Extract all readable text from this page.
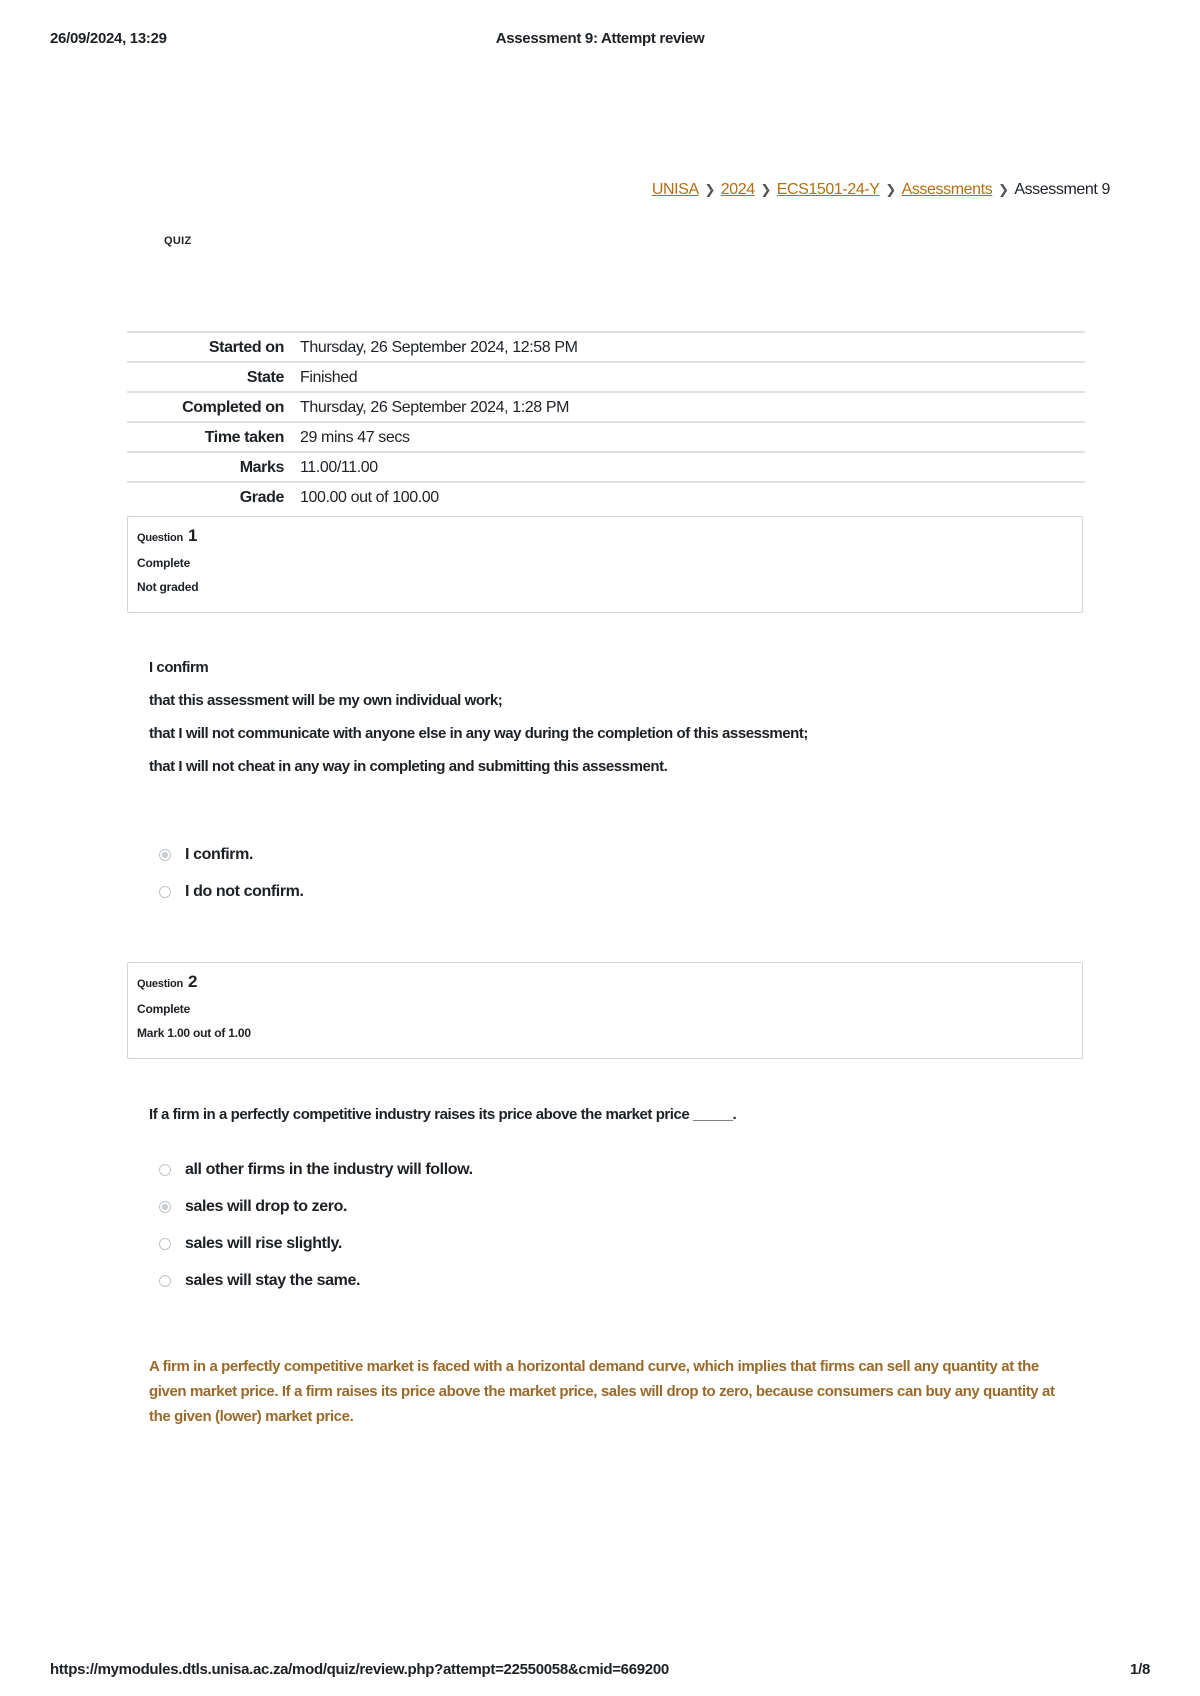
26/09/2024, 13:29	Assessment 9: Attempt review
UNISA ❯ 2024 ❯ ECS1501-24-Y ❯ Assessments ❯ Assessment 9
QUIZ
Started on	Thursday, 26 September 2024, 12:58 PM
State	Finished
Completed on	Thursday, 26 September 2024, 1:28 PM
Time taken	29 mins 47 secs
Marks	11.00/11.00
Grade	100.00 out of 100.00
Question 1
Complete
Not graded

I confirm

that this assessment will be my own individual work;

that I will not communicate with anyone else in any way during the completion of this assessment;

that I will not cheat in any way in completing and submitting this assessment.

I confirm.
I do not confirm.
Question 2
Complete
Mark 1.00 out of 1.00

If a firm in a perfectly competitive industry raises its price above the market price _____.

all other firms in the industry will follow.
sales will drop to zero.
sales will rise slightly.
sales will stay the same.
A firm in a perfectly competitive market is faced with a horizontal demand curve, which implies that firms can sell any quantity at the given market price. If a firm raises its price above the market price, sales will drop to zero, because consumers can buy any quantity at the given (lower) market price.
https://mymodules.dtls.unisa.ac.za/mod/quiz/review.php?attempt=22550058&cmid=669200	1/8
